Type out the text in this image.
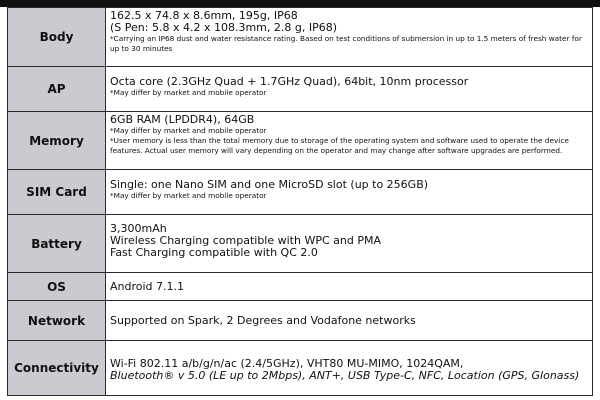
Body	162.5 x 74.8 x 8.6mm, 195g, IP68

(S Pen: 5.8 x 4.2 x 108.3mm, 2.8 g, IP68)

*Carrying an IP68 dust and water resistance rating. Based on test conditions of submersion in up to 1.5 meters of fresh water for up to 30 minutes

AP	Octa core (2.3GHz Quad + 1.7GHz Quad), 64bit, 10nm processor

*May differ by market and mobile operator

Memory	6GB RAM (LPDDR4), 64GB

*May differ by market and mobile operator

*User memory is less than the total memory due to storage of the operating system and software used to operate the device features. Actual user memory will vary depending on the operator and may change after software upgrades are performed.

SIM Card	Single: one Nano SIM and one MicroSD slot (up to 256GB)

*May differ by market and mobile operator

Battery	3,300mAh

Wireless Charging compatible with WPC and PMA

Fast Charging compatible with QC 2.0

OS	Android 7.1.1

Network	Supported on Spark, 2 Degrees and Vodafone networks

Connectivity	Wi-Fi 802.11 a/b/g/n/ac (2.4/5GHz), VHT80 MU-MIMO, 1024QAM,

Bluetooth® v 5.0 (LE up to 2Mbps), ANT+, USB Type-C, NFC, Location (GPS, Glonass)
